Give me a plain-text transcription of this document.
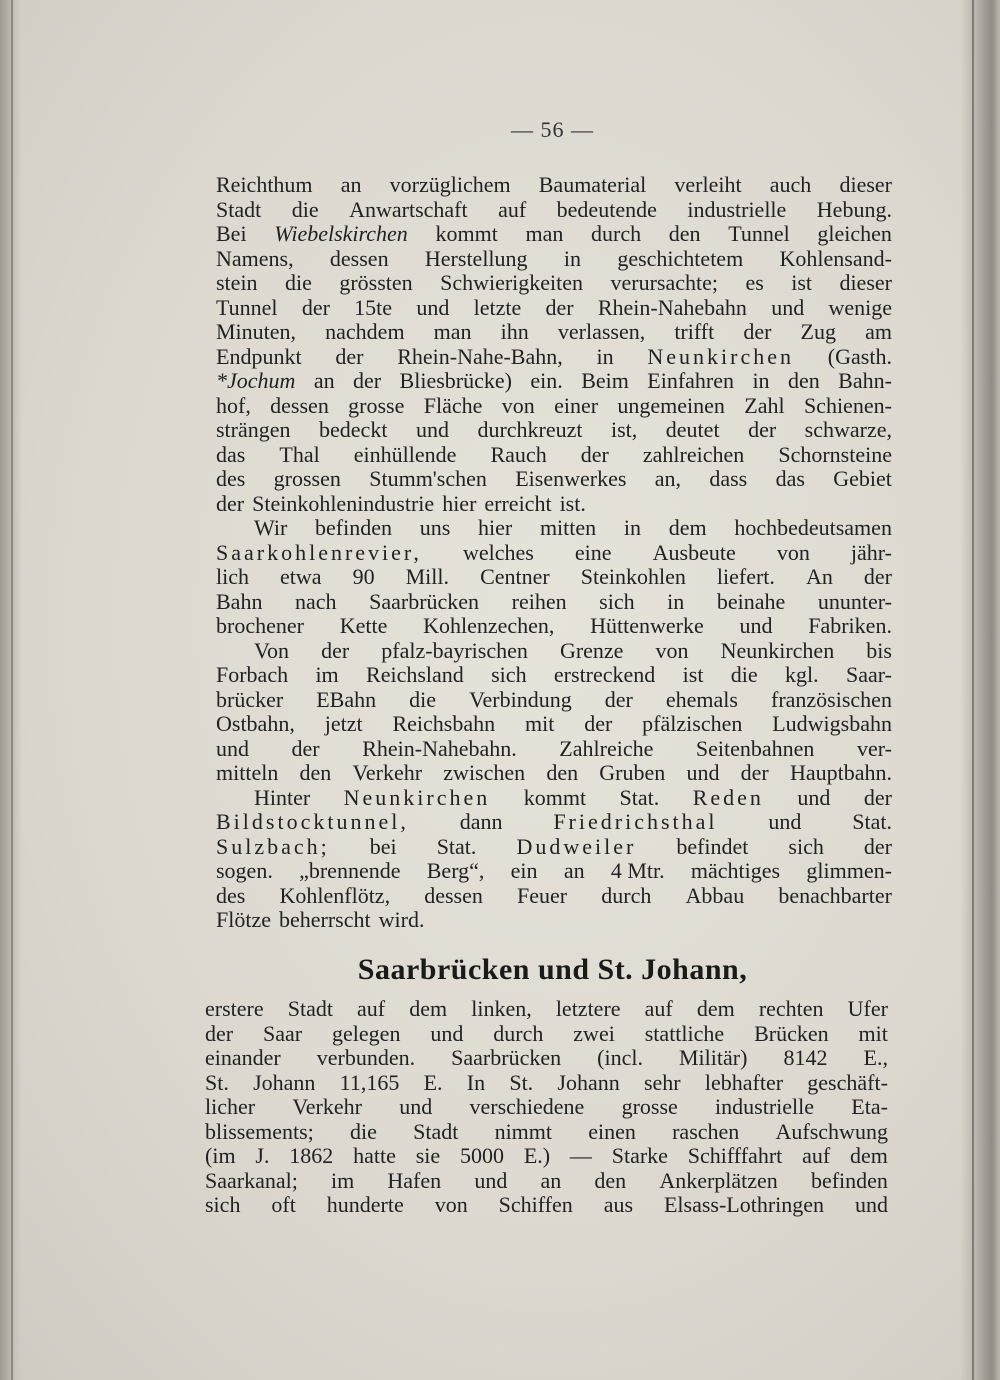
— 56 —
Reichthum an vorzüglichem Baumaterial verleiht auch dieser
Stadt die Anwartschaft auf bedeutende industrielle Hebung.
Bei Wiebelskirchen kommt man durch den Tunnel gleichen
Namens, dessen Herstellung in geschichtetem Kohlensand-
stein die grössten Schwierigkeiten verursachte; es ist dieser
Tunnel der 15te und letzte der Rhein-Nahebahn und wenige
Minuten, nachdem man ihn verlassen, trifft der Zug am
Endpunkt der Rhein-Nahe-Bahn, in Neunkirchen (Gasth.
*Jochum an der Bliesbrücke) ein. Beim Einfahren in den Bahn-
hof, dessen grosse Fläche von einer ungemeinen Zahl Schienen-
strängen bedeckt und durchkreuzt ist, deutet der schwarze,
das Thal einhüllende Rauch der zahlreichen Schornsteine
des grossen Stumm'schen Eisenwerkes an, dass das Gebiet
der Steinkohlenindustrie hier erreicht ist.
Wir befinden uns hier mitten in dem hochbedeutsamen
Saarkohlenrevier, welches eine Ausbeute von jähr-
lich etwa 90 Mill. Centner Steinkohlen liefert. An der
Bahn nach Saarbrücken reihen sich in beinahe ununter-
brochener Kette Kohlenzechen, Hüttenwerke und Fabriken.
Von der pfalz-bayrischen Grenze von Neunkirchen bis
Forbach im Reichsland sich erstreckend ist die kgl. Saar-
brücker EBahn die Verbindung der ehemals französischen
Ostbahn, jetzt Reichsbahn mit der pfälzischen Ludwigsbahn
und der Rhein-Nahebahn. Zahlreiche Seitenbahnen ver-
mitteln den Verkehr zwischen den Gruben und der Hauptbahn.
Hinter Neunkirchen kommt Stat. Reden und der
Bildstocktunnel, dann Friedrichsthal und Stat.
Sulzbach; bei Stat. Dudweiler befindet sich der
sogen. „brennende Berg“, ein an 4 Mtr. mächtiges glimmen-
des Kohlenflötz, dessen Feuer durch Abbau benachbarter
Flötze beherrscht wird.
Saarbrücken und St. Johann,
erstere Stadt auf dem linken, letztere auf dem rechten Ufer
der Saar gelegen und durch zwei stattliche Brücken mit
einander verbunden. Saarbrücken (incl. Militär) 8142 E.,
St. Johann 11,165 E. In St. Johann sehr lebhafter geschäft-
licher Verkehr und verschiedene grosse industrielle Eta-
blissements; die Stadt nimmt einen raschen Aufschwung
(im J. 1862 hatte sie 5000 E.) — Starke Schifffahrt auf dem
Saarkanal; im Hafen und an den Ankerplätzen befinden
sich oft hunderte von Schiffen aus Elsass-Lothringen und
